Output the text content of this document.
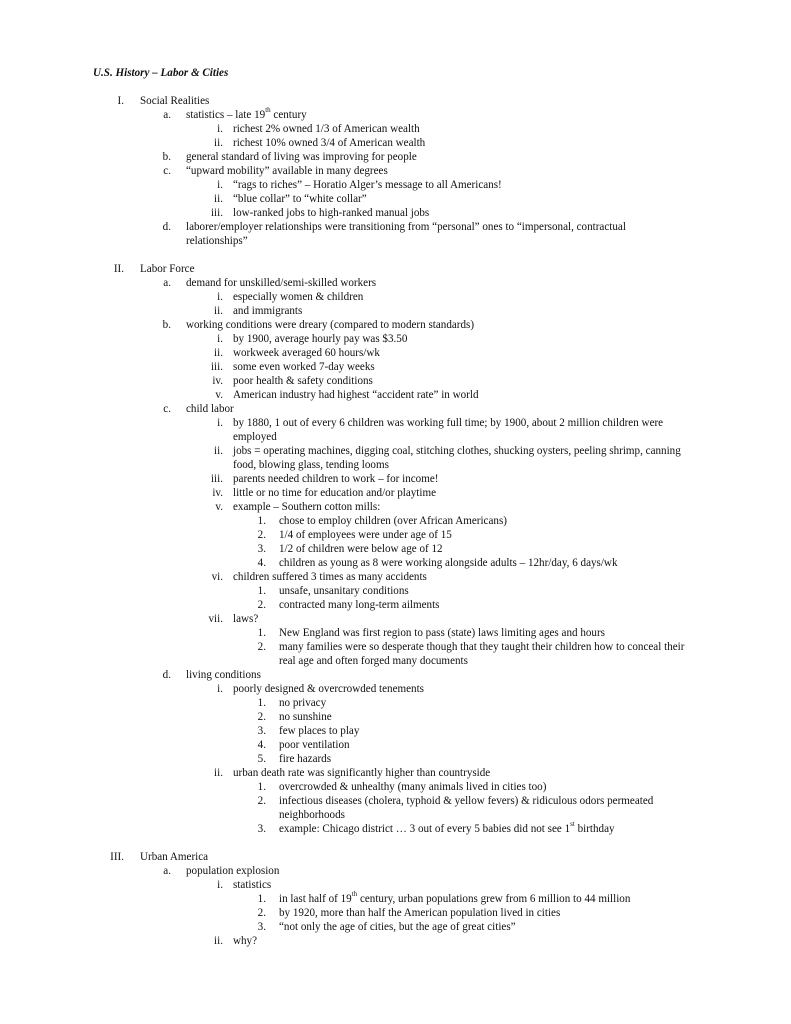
U.S. History – Labor & Cities
I. Social Realities
a. statistics – late 19th century
i. richest 2% owned 1/3 of American wealth
ii. richest 10% owned 3/4 of American wealth
b. general standard of living was improving for people
c. “upward mobility” available in many degrees
i. “rags to riches” – Horatio Alger’s message to all Americans!
ii. “blue collar” to “white collar”
iii. low-ranked jobs to high-ranked manual jobs
d. laborer/employer relationships were transitioning from “personal” ones to “impersonal, contractual relationships”
II. Labor Force
a. demand for unskilled/semi-skilled workers
i. especially women & children
ii. and immigrants
b. working conditions were dreary (compared to modern standards)
i. by 1900, average hourly pay was $3.50
ii. workweek averaged 60 hours/wk
iii. some even worked 7-day weeks
iv. poor health & safety conditions
v. American industry had highest “accident rate” in world
c. child labor
i. by 1880, 1 out of every 6 children was working full time; by 1900, about 2 million children were employed
ii. jobs = operating machines, digging coal, stitching clothes, shucking oysters, peeling shrimp, canning food, blowing glass, tending looms
iii. parents needed children to work – for income!
iv. little or no time for education and/or playtime
v. example – Southern cotton mills:
1. chose to employ children (over African Americans)
2. 1/4 of employees were under age of 15
3. 1/2 of children were below age of 12
4. children as young as 8 were working alongside adults – 12hr/day, 6 days/wk
vi. children suffered 3 times as many accidents
1. unsafe, unsanitary conditions
2. contracted many long-term ailments
vii. laws?
1. New England was first region to pass (state) laws limiting ages and hours
2. many families were so desperate though that they taught their children how to conceal their real age and often forged many documents
d. living conditions
i. poorly designed & overcrowded tenements
1. no privacy
2. no sunshine
3. few places to play
4. poor ventilation
5. fire hazards
ii. urban death rate was significantly higher than countryside
1. overcrowded & unhealthy (many animals lived in cities too)
2. infectious diseases (cholera, typhoid & yellow fevers) & ridiculous odors permeated neighborhoods
3. example: Chicago district … 3 out of every 5 babies did not see 1st birthday
III. Urban America
a. population explosion
i. statistics
1. in last half of 19th century, urban populations grew from 6 million to 44 million
2. by 1920, more than half the American population lived in cities
3. “not only the age of cities, but the age of great cities”
ii. why?
